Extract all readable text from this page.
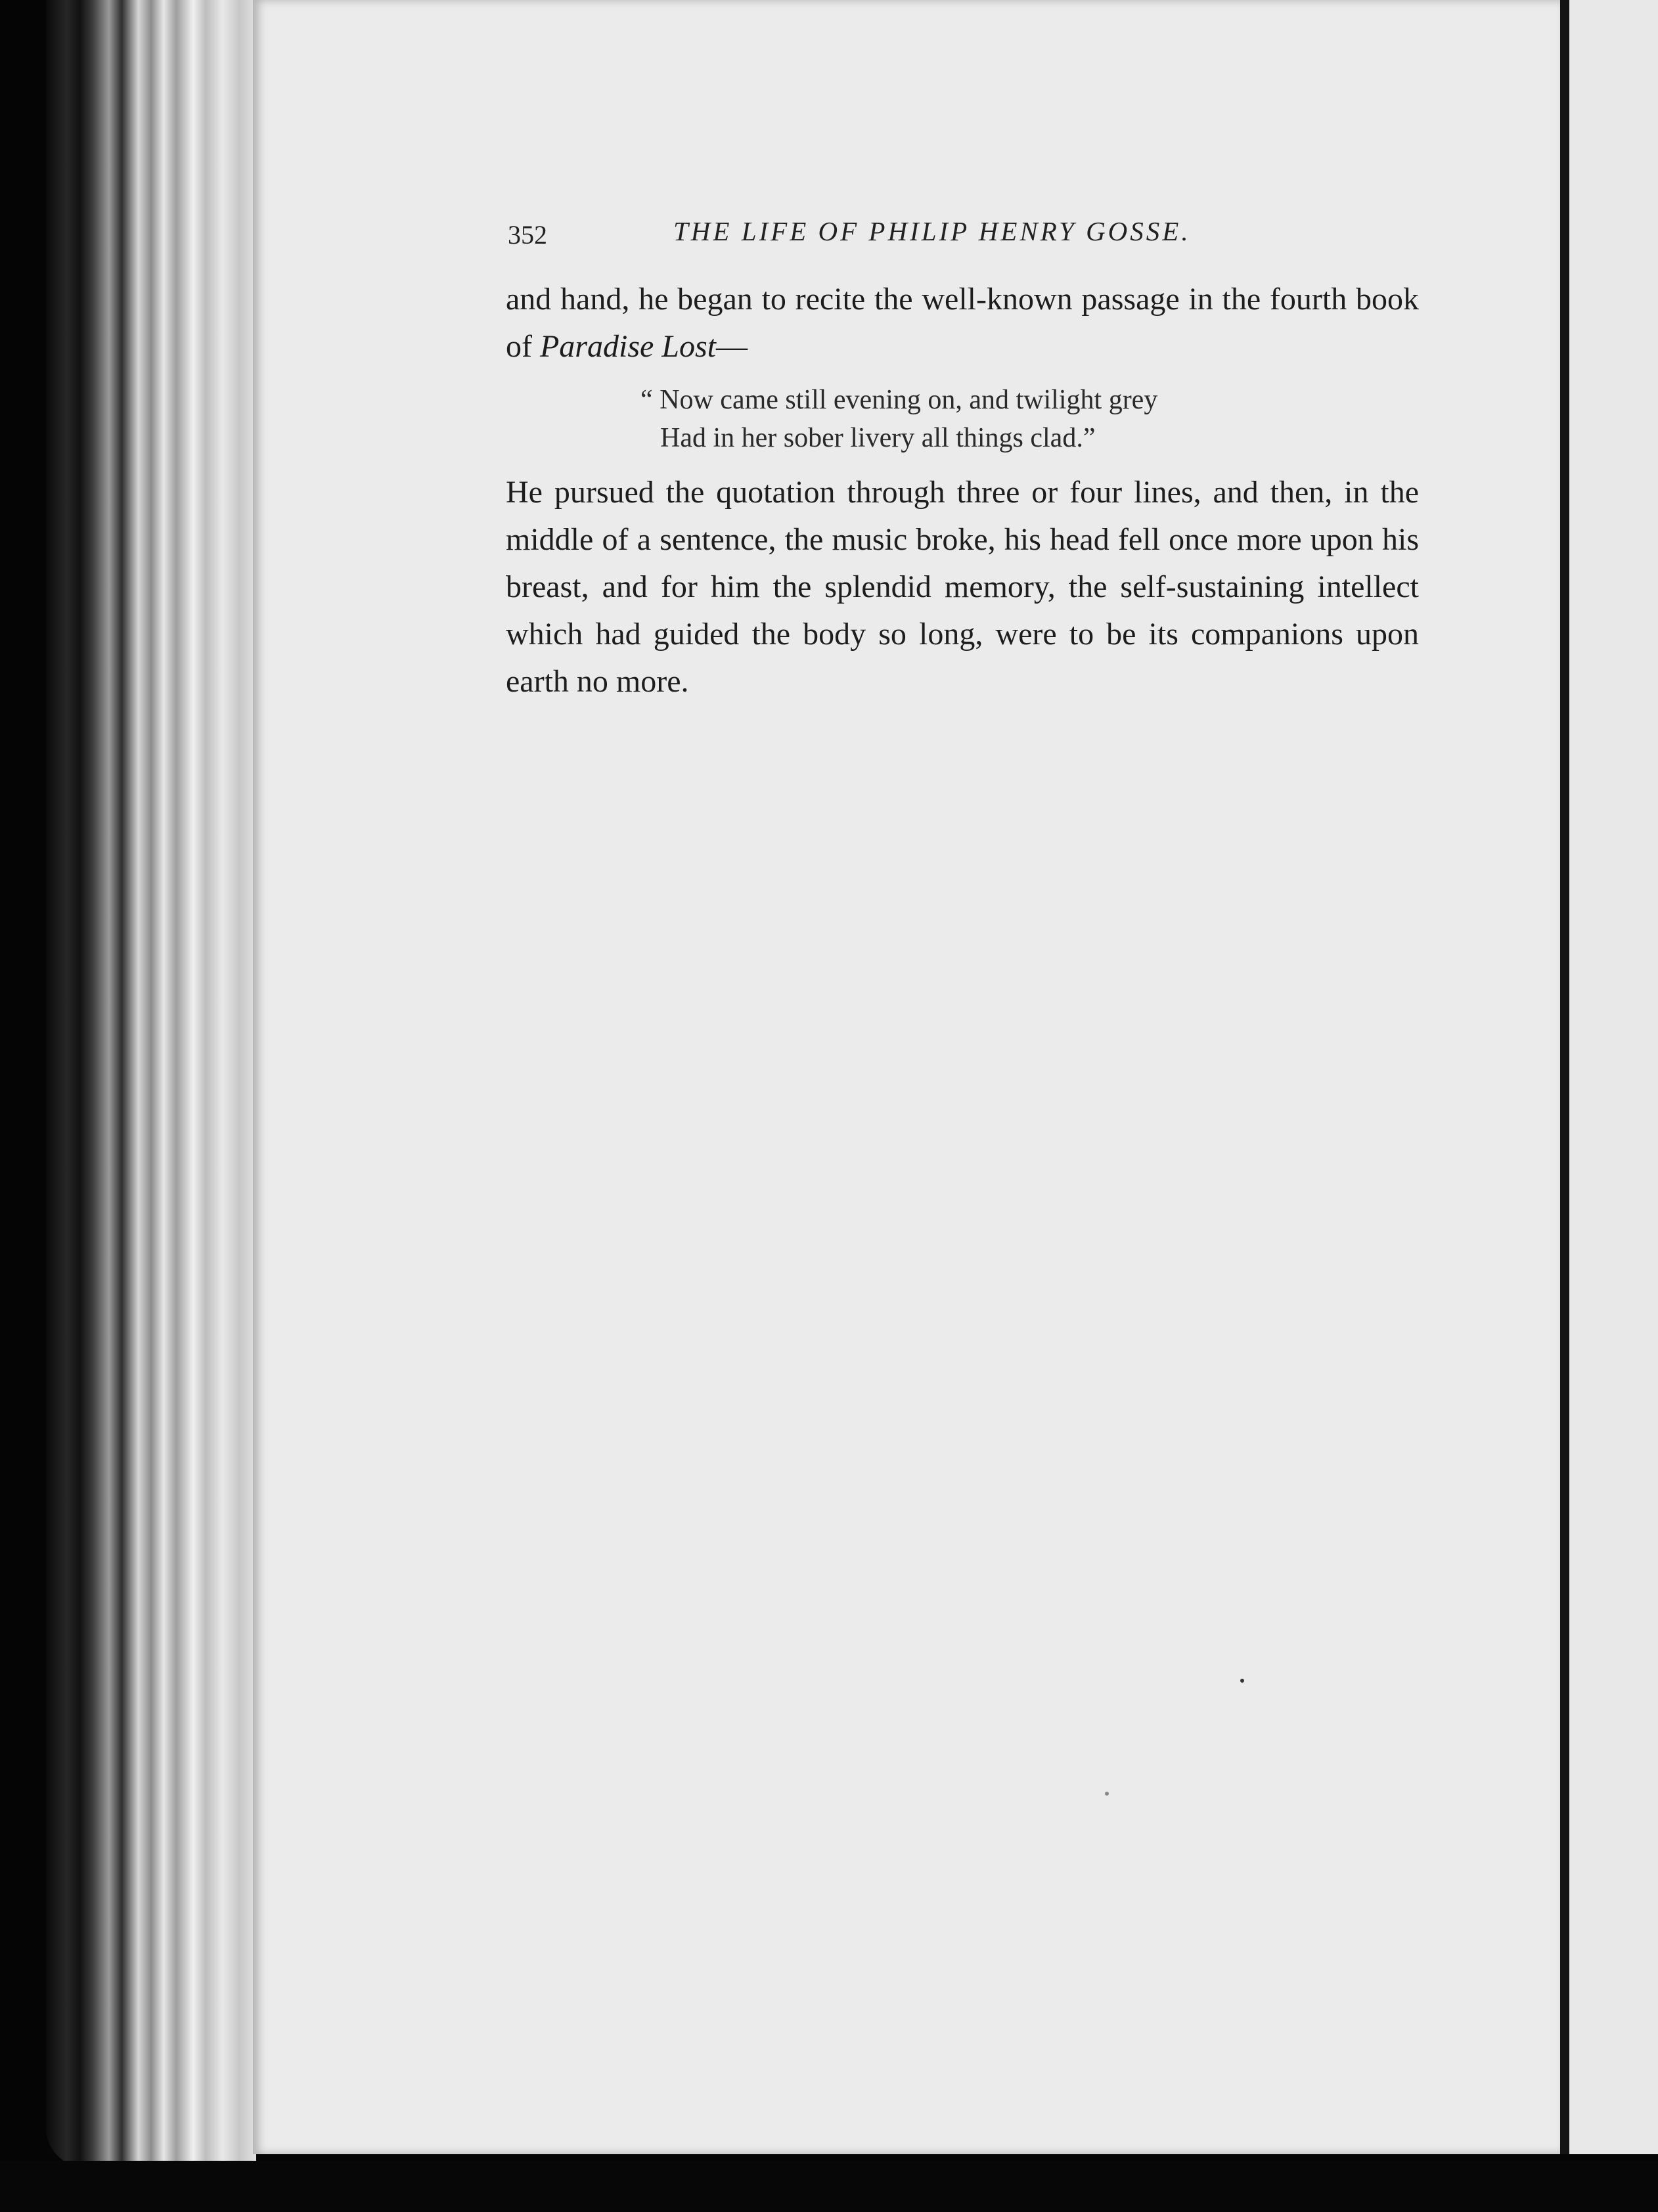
352	THE LIFE OF PHILIP HENRY GOSSE.

and hand, he began to recite the well-known passage in the fourth book of Paradise Lost—

“ Now came still evening on, and twilight grey
Had in her sober livery all things clad.”

He pursued the quotation through three or four lines, and then, in the middle of a sentence, the music broke, his head fell once more upon his breast, and for him the splendid memory, the self-sustaining intellect which had guided the body so long, were to be its companions upon earth no more.
